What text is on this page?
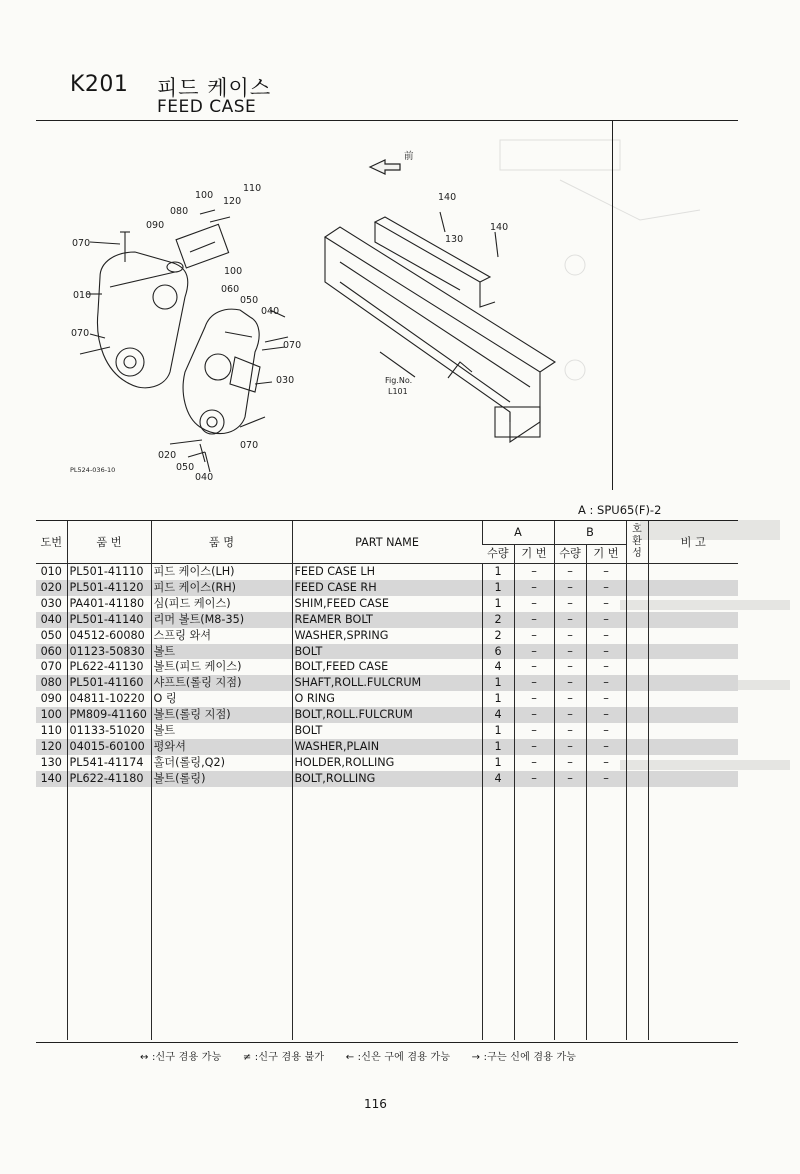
K201 피드 케이스
FEED CASE
前
100
110
120
080
090
070
100
060
010	050
040
070
070
030
070
020
050
040
140
140
130
Fig.No.
L101
PL524-036-10
A : SPU65(F)-2
도번	품 번	품 명	PART NAME	A		B		호환성	비 고
				수량	기 번	수량	기 번		
010	PL501-41110	피드 케이스(LH)	FEED CASE LH	1	–	–	–		
020	PL501-41120	피드 케이스(RH)	FEED CASE RH	1	–	–	–		
030	PA401-41180	심(피드 케이스)	SHIM,FEED CASE	1	–	–	–		
040	PL501-41140	리머 볼트(M8-35)	REAMER BOLT	2	–	–	–		
050	04512-60080	스프링 와셔	WASHER,SPRING	2	–	–	–		
060	01123-50830	볼트	BOLT	6	–	–	–		
070	PL622-41130	볼트(피드 케이스)	BOLT,FEED CASE	4	–	–	–		
080	PL501-41160	샤프트(롤링 지점)	SHAFT,ROLL.FULCRUM	1	–	–	–		
090	04811-10220	O 링	O RING	1	–	–	–		
100	PM809-41160	볼트(롤링 지점)	BOLT,ROLL.FULCRUM	4	–	–	–		
110	01133-51020	볼트	BOLT	1	–	–	–		
120	04015-60100	평와셔	WASHER,PLAIN	1	–	–	–		
130	PL541-41174	홀더(롤링,Q2)	HOLDER,ROLLING	1	–	–	–		
140	PL622-41180	볼트(롤링)	BOLT,ROLLING	4	–	–	–		

↔ :신구 겸용 가능 ≠ :신구 겸용 불가 ← :신은 구에 겸용 가능 → :구는 신에 겸용 가능
116
